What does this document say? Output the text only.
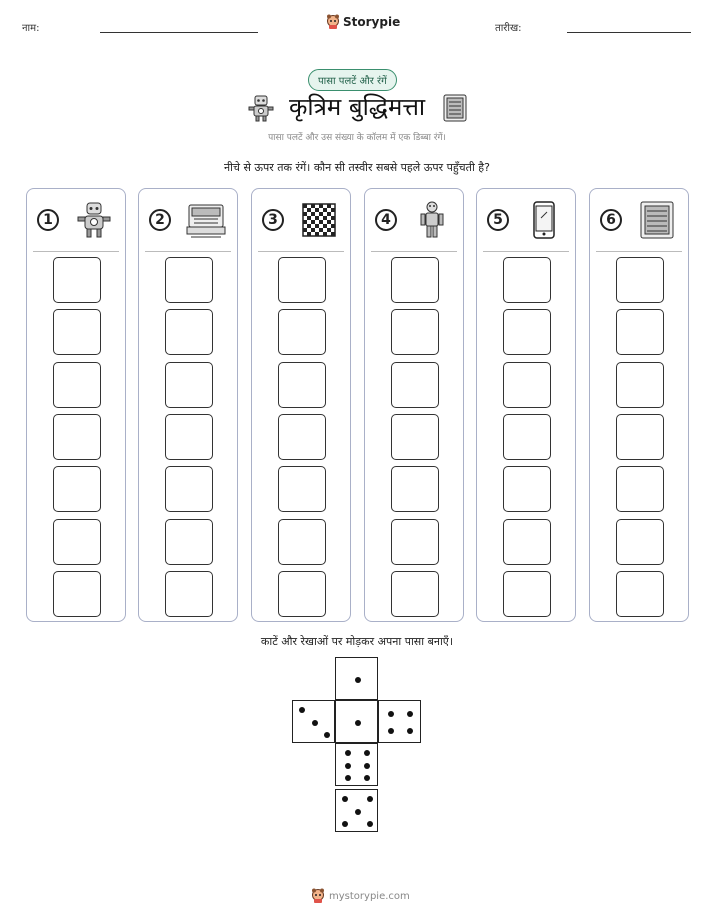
नाम:	Storypie	तारीख:
पासा पलटें और रंगें
कृत्रिम बुद्धिमत्ता
पासा पलटें और उस संख्या के कॉलम में एक डिब्बा रंगें।
नीचे से ऊपर तक रंगें। कौन सी तस्वीर सबसे पहले ऊपर पहुँचती है?
1	2	3	4	5	6
काटें और रेखाओं पर मोड़कर अपना पासा बनाएँ।
mystorypie.com
